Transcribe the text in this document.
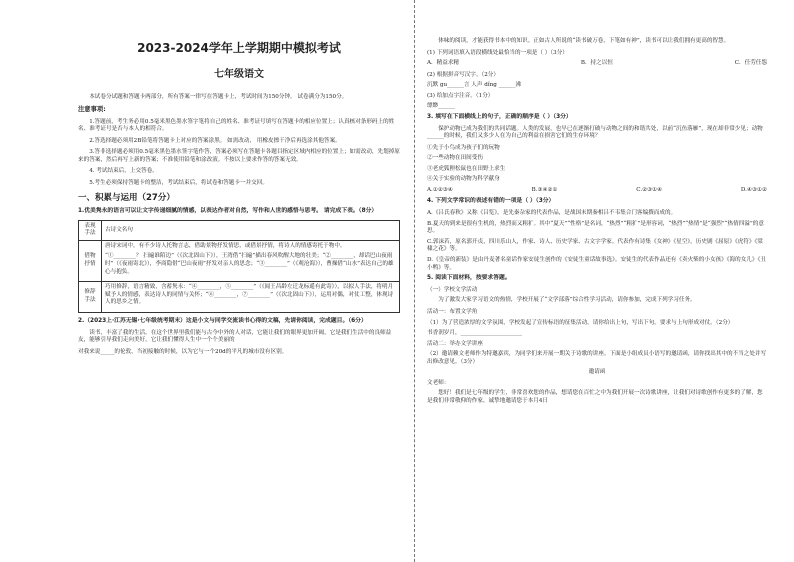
2023-2024学年上学期期中模拟考试
七年级语文
本试卷分试题和答题卡两部分，所有答案一律写在答题卡上，考试时间为150分钟。 试卷满分为150分。
注意事项:
1.答题前，考生务必用0.5毫米黑色墨水签字笔将自己的姓名、准考证号填写在答题卡的相应位置上；认真核对条形码上的姓名、准考证号是否与本人的相符合。
2.答选择题必须用2B铅笔将答题卡上对应的答案涂黑。 如需改动， 用橡皮擦干净后再选涂其他答案。
3.答非选择题必须用0.5毫米黑色墨水签字笔作答，答案必须写在答题卡各题目指定区域内相应的位置上；如需改动，先划掉原来的答案，然后再写上新的答案；不准使用铅笔和涂改液。不按以上要求作答的答案无效。
4. 考试结束后，上交答卷。
5.考生必须保持答题卡的整洁，考试结束后，将试卷和答题卡一并交回。
一、积累与运用（27分）
1.优美隽永的语言可以让文字传递细腻的情感，以表达作者对自然，写作和人世的感悟与思考。 请完成下表。（8分）
表现手法	古诗文名句
借物抒情	唐诗宋词中，有不少诗人托物言志，借助景物抒发情思，或借景抒情，将诗人的情感寄托于物中。
“①________？ 扫遍谁陌边”（《次北固山下》），王湾借“扫遍”描出春风吹醒大地的壮美；“②________，却话巴山夜雨时”（《夜雨寄北》），李商隐借“巴山夜雨”抒发对亲人的思念；“③________”（《观沧海》），曹操借“山水”表达自己的雄心与抱负。

修辞手法	巧用修辞，语言精致，含蓄隽永：“④________，⑤________”（《闻王昌龄左迁龙标遥有此寄》），以拟人手法，将明月赋予人的情感，表达诗人的同情与关怀；“⑥________，⑦________”（《次北固山下》），运用对偶，对仗工整，体现诗人的思乡之情。
2.（2023上·江苏无锡·七年级统考期末）这是小文与同学交流读书心得的文稿，先请你阅读，完成题目。（6分）
读书，丰富了我的生活。在这个世界里我们能与古今中外的人对话，它能让我们的眼界更加开阔，它是我们生活中的良师益友，能够引导我们走向美好，它让我们懂得人生中一个个美丽的
对我来说_____的伦敦，当初接触的时候，以为它与一个20d的平凡的城市没有区别。
体味的阅读，才能获得书本中的知识。正如古人所说的“读书破万卷，下笔如有神”，读书可以让我们拥有更高的智慧。
(1) 下列词语填入语段横线处最恰当的一项是（ ）（3分）
A．精益求精	B．持之以恒	C．任劳任怨
(2) 根据拼音写汉字。（2分）
沉默 gu______言 人声 dǐng ______沸
(3) 给加点字注音。（1分）
缥缈______
3. 填写在下面横线上的句子，正确的顺序是（ ）（3分）
保护动物已成为我们的共同话题。人类的发展，也早已在逐渐打破与动物之间的和谐共处，以前“沉鱼落雁”，现在却非常少见；动物______的时候，我们又多少人在为自己的利益在损害它们的生存环境？
①先于小鸟成为孩子们的玩物
②一些动物在田间受伤
③老虎狐狸松鼠也在田野上求生
④关于实验的动物为科学献身
A.①②③④	B.③④②①	C.②③①④	D.④③①②
4. 下列文学常识的表述有错的一项是（ ）（3分）
A.《吕氏春秋》又称《吕览》，是先秦杂家的代表作品，是战国末期秦相吕不韦集合门客编撰而成的。
B.夏天的到来是很有生机的，热烈而又粗犷。其中“夏天”“性格”是名词，“热烈”“粗犷”是形容词，“热烈”“热情”是“强烈”“热情四溢”的意思。
C.郭沫若，原名郭开贞，四川乐山人，作家、诗人、历史学家、古文字学家。代表作有诗集《女神》《星空》，历史剧《屈原》《虎符》《棠棣之花》等。
D.《皇帝的新装》是由丹麦著名童话作家安徒生创作的《安徒生童话故事选》。安徒生的代表作品还有《卖火柴的小女孩》《海的女儿》《丑小鸭》等。
5. 阅读下面材料，按要求答题。
（一）学校文学活动
为了激发大家学习语文的热情，学校开展了“文学部落”综合性学习活动，请你参加，完成下列学习任务。
活动一：布置文学角
（1）为了营造浓厚的文学氛围，学校发起了宣传标语的征集活动。请你给出上句，写出下句。要求与上句形成对仗。（2分）
书香润岁月，______________________
活动二：举办文学讲座
（2）邀请赖文老师作为特邀嘉宾，为同学们来开展一期关于诗歌的讲座。下面是小组成员小语写的邀请函，请你找出其中的不当之处并写出修改意见。（3分）
邀请函
文老师：
您好！我们是七年级的学生，非常喜欢您的作品，想请您在百忙之中为我们开展一次诗歌讲座，让我们对诗歌创作有更多的了解，您是我们非常敬仰的作家，诚挚地邀请您于本月4日
